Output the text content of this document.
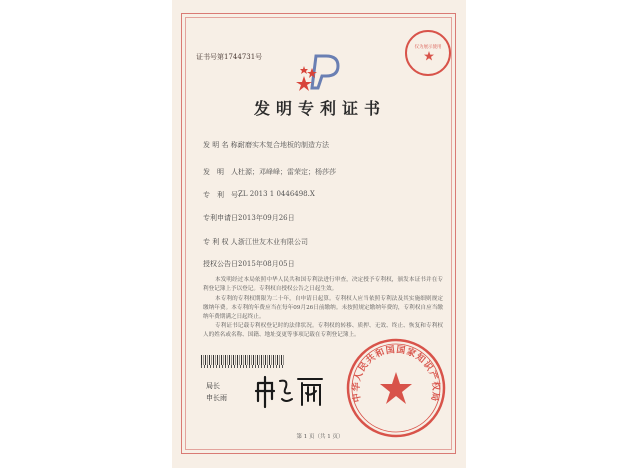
证书号第1744731号
仅为展示使用
发明专利证书
发 明 名 称：
耐磨实木复合地板的制造方法
发　明　人：
杜源；邓峰峰；雷荣定；杨莎莎
专　利　号：
ZL 2013 1 0446498.X
专利申请日：
2013年09月26日
专 利 权 人：
浙江世友木业有限公司
授权公告日：
2015年08月05日
本发明经过本局依照中华人民共和国专利法进行审查，决定授予专利权，颁发本证书并在专利登记簿上予以登记。专利权自授权公告之日起生效。
本专利的专利权期限为二十年，自申请日起算。专利权人应当依照专利法及其实施细则规定缴纳年费。本专利的年费应当在每年09月26日前缴纳。未按照规定缴纳年费的，专利权自应当缴纳年费期满之日起终止。
专利证书记载专利权登记时的法律状况。专利权的转移、质押、无效、终止、恢复和专利权人的姓名或名称、国籍、地址变更等事项记载在专利登记簿上。
局长
申长雨	中华人民共和国国家知识产权局
第 1 页（共 1 页）
